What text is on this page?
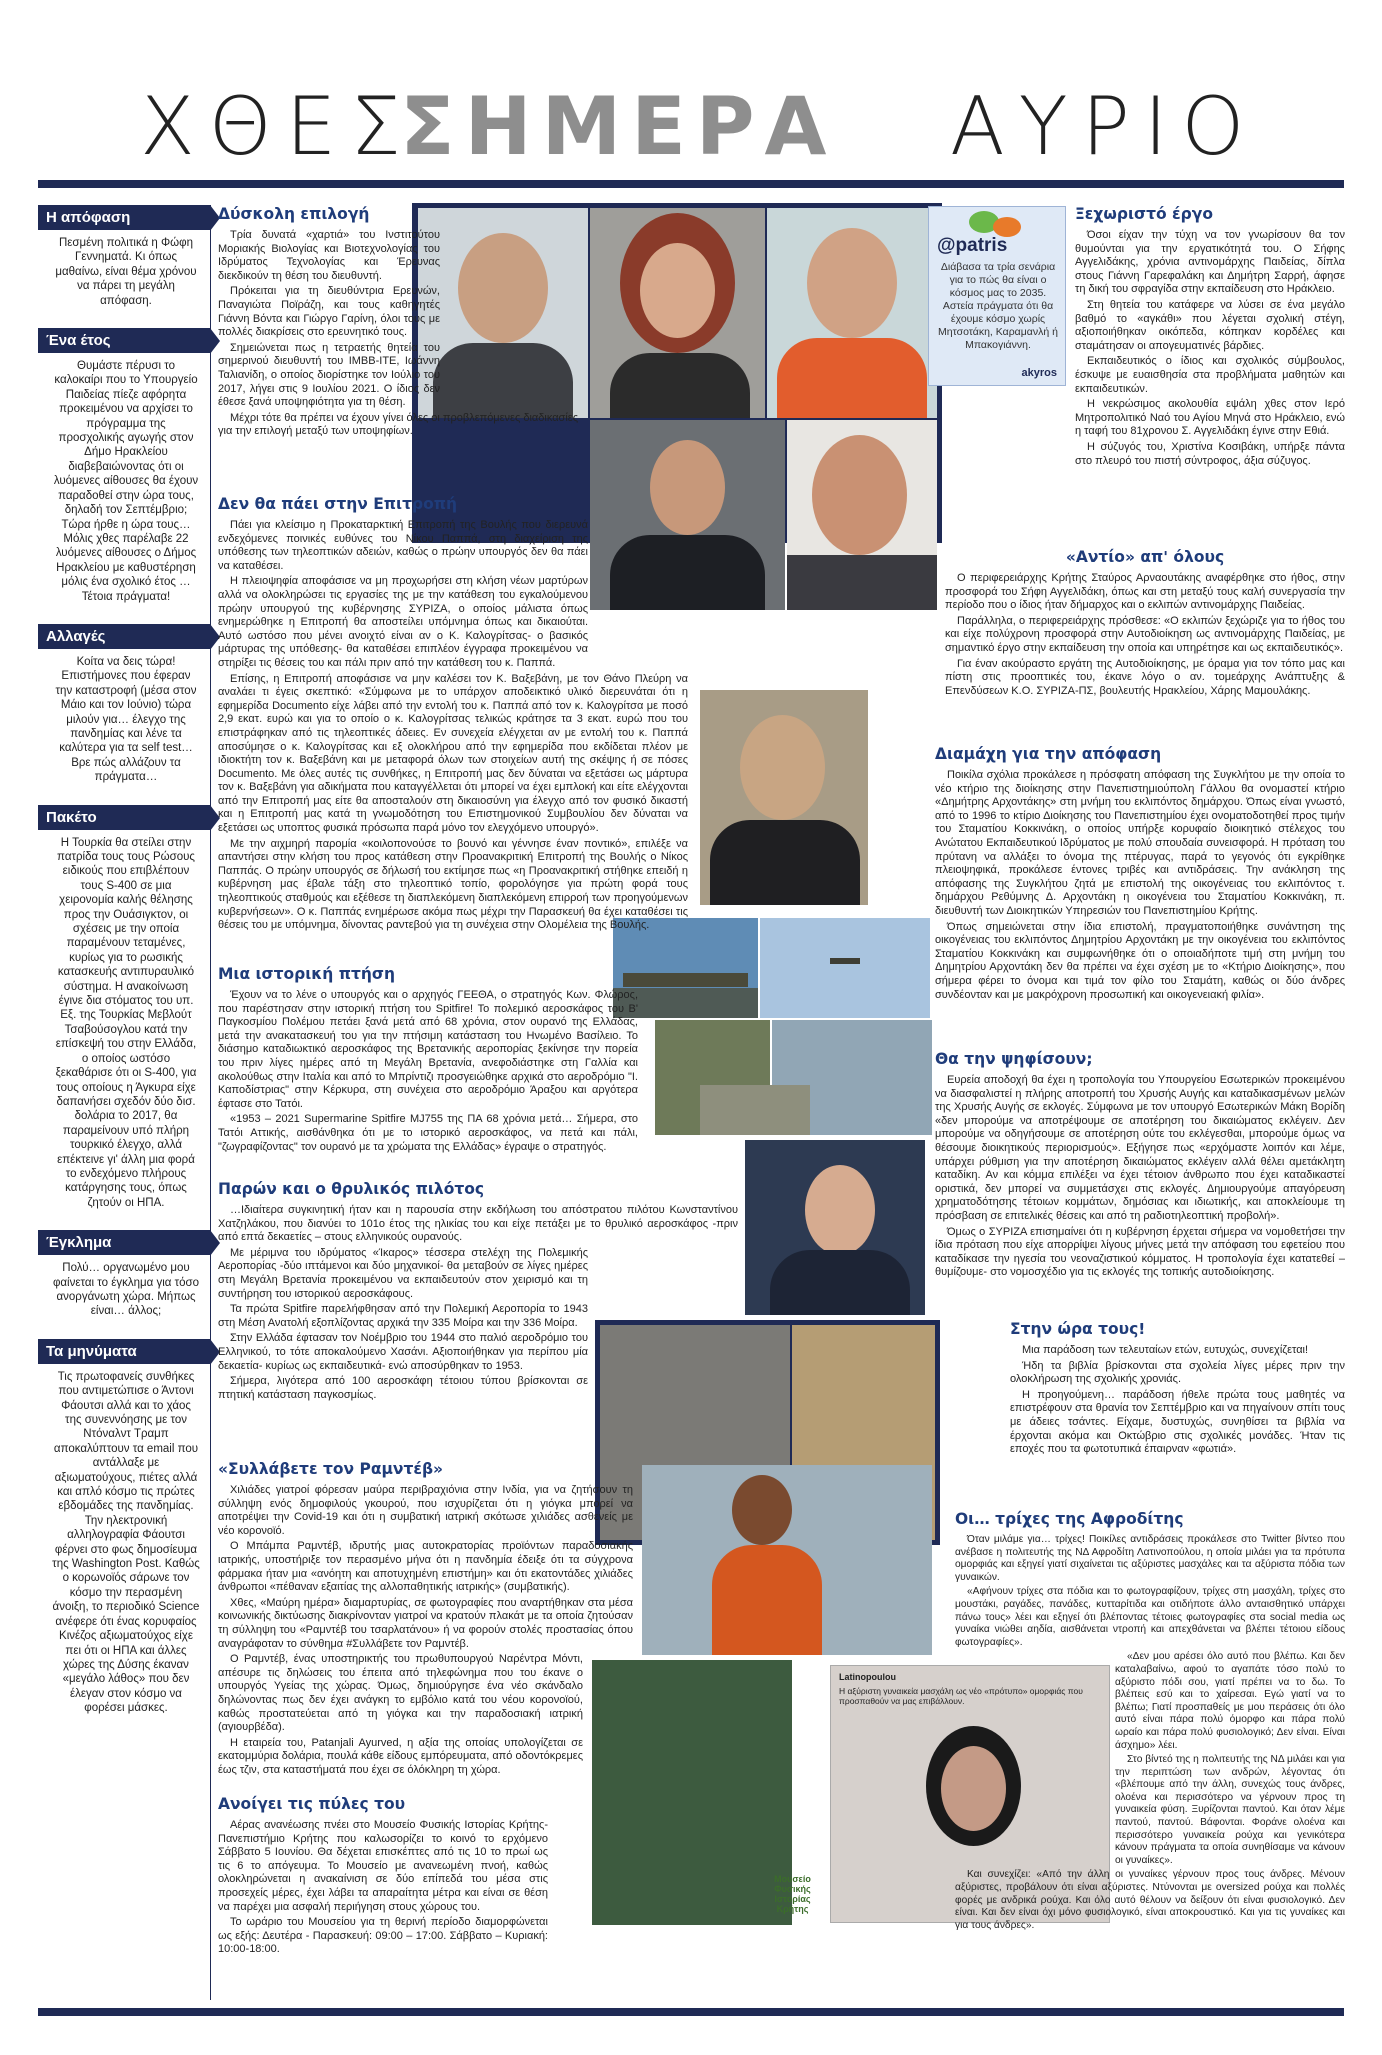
ΧΘΕΣ
ΣΗΜΕΡΑ ΑΥΡΙΟ
Η απόφαση
Πεσμένη πολιτικά η Φώφη Γεννηματά. Κι όπως μαθαίνω, είναι θέμα χρόνου να πάρει τη μεγάλη απόφαση.
Ένα έτος
Θυμάστε πέρυσι το καλοκαίρι που το Υπουργείο Παιδείας πίεζε αφόρητα προκειμένου να αρχίσει το πρόγραμμα της προσχολικής αγωγής στον Δήμο Ηρακλείου διαβεβαιώνοντας ότι οι λυόμενες αίθουσες θα έχουν παραδοθεί στην ώρα τους, δηλαδή τον Σεπτέμβριο; Τώρα ήρθε η ώρα τους… Μόλις χθες παρέλαβε 22 λυόμενες αίθουσες ο Δήμος Ηρακλείου με καθυστέρηση μόλις ένα σχολικό έτος … Τέτοια πράγματα!
Αλλαγές
Κοίτα να δεις τώρα! Επιστήμονες που έφεραν την καταστροφή (μέσα στον Μάιο και τον Ιούνιο) τώρα μιλούν για… έλεγχο της πανδημίας και λένε τα καλύτερα για τα self test…Βρε πώς αλλάζουν τα πράγματα…
Πακέτο
Η Τουρκία θα στείλει στην πατρίδα τους τους Ρώσους ειδικούς που επιβλέπουν τους S-400 σε μια χειρονομία καλής θέλησης προς την Ουάσιγκτον, οι σχέσεις με την οποία παραμένουν τεταμένες, κυρίως για το ρωσικής κατασκευής αντιπυραυλικό σύστημα. Η ανακοίνωση έγινε δια στόματος του υπ. Εξ. της Τουρκίας Μεβλούτ Τσαβούσογλου κατά την επίσκεψή του στην Ελλάδα, ο οποίος ωστόσο ξεκαθάρισε ότι οι S-400, για τους οποίους η Άγκυρα είχε δαπανήσει σχεδόν δύο δισ. δολάρια το 2017, θα παραμείνουν υπό πλήρη τουρκικό έλεγχο, αλλά επέκτεινε γι' άλλη μια φορά το ενδεχόμενο πλήρους κατάργησης τους, όπως ζητούν οι ΗΠΑ.
Έγκλημα
Πολύ… οργανωμένο μου φαίνεται το έγκλημα για τόσο ανοργάνωτη χώρα. Μήπως είναι… άλλος;
Τα μηνύματα
Τις πρωτοφανείς συνθήκες που αντιμετώπισε ο Άντονι Φάουτσι αλλά και το χάος της συνεννόησης με τον Ντόναλντ Τραμπ αποκαλύπτουν τα email που αντάλλαξε με αξιωματούχους, πιέτες αλλά και απλό κόσμο τις πρώτες εβδομάδες της πανδημίας. Την ηλεκτρονική αλληλογραφία Φάουτσι φέρνει στο φως δημοσίευμα της Washington Post. Καθώς ο κορωνοϊός σάρωνε τον κόσμο την περασμένη άνοιξη, το περιοδικό Science ανέφερε ότι ένας κορυφαίος Κινέζος αξιωματούχος είχε πει ότι οι ΗΠΑ και άλλες χώρες της Δύσης έκαναν «μεγάλο λάθος» που δεν έλεγαν στον κόσμο να φορέσει μάσκες.
@patris
Διάβασα τα τρία σενάρια για το πώς θα είναι ο κόσμος μας το 2035. Αστεία πράγματα ότι θα έχουμε κόσμο χωρίς Μητσοτάκη, Καραμανλή ή Μπακογιάννη.
akyros
Μουσείο Φυσικής Ιστορίας Κρήτης
Latinopoulou
Η αξύριστη γυναικεία μασχάλη ως νέο «πρότυπο» ομορφιάς που προσπαθούν να μας επιβάλλουν.
Δύσκολη επιλογή

Τρία δυνατά «χαρτιά» του Ινστιτούτου Μοριακής Βιολογίας και Βιοτεχνολογίας του Ιδρύματος Τεχνολογίας και Έρευνας διεκδικούν τη θέση του διευθυντή.

Πρόκειται για τη διευθύντρια Ερευνών, Παναγιώτα Ποϊράζη, και τους καθηγητές Γιάννη Βόντα και Γιώργο Γαρίνη, όλοι τους με πολλές διακρίσεις στο ερευνητικό τους.

Σημειώνεται πως η τετραετής θητεία του σημερινού διευθυντή του ΙΜΒΒ-ΙΤΕ, Ιωάννη Ταλιανίδη, ο οποίος διορίστηκε τον Ιούλιο του 2017, λήγει στις 9 Ιουλίου 2021. Ο ίδιος δεν έθεσε ξανά υποψηφιότητα για τη θέση.

Μέχρι τότε θα πρέπει να έχουν γίνει όλες οι προβλεπόμενες διαδικασίες για την επιλογή μεταξύ των υποψηφίων.

Δεν θα πάει στην Επιτροπή

Πάει για κλείσιμο η Προκαταρκτική Επιτροπή της Βουλής που διερευνά ενδεχόμενες ποινικές ευθύνες του Νίκου Παππά, στη διαχείριση της υπόθεσης των τηλεοπτικών αδειών, καθώς ο πρώην υπουργός δεν θα πάει να καταθέσει.

Η πλειοψηφία αποφάσισε να μη προχωρήσει στη κλήση νέων μαρτύρων αλλά να ολοκληρώσει τις εργασίες της με την κατάθεση του εγκαλούμενου πρώην υπουργού της κυβέρνησης ΣΥΡΙΖΑ, ο οποίος μάλιστα όπως ενημερώθηκε η Επιτροπή θα αποστείλει υπόμνημα όπως και δικαιούται. Αυτό ωστόσο που μένει ανοιχτό είναι αν ο Κ. Καλογρίτσας- ο βασικός μάρτυρας της υπόθεσης- θα καταθέσει επιπλέον έγγραφα προκειμένου να στηρίξει τις θέσεις του και πάλι πριν από την κατάθεση του κ. Παππά.

Επίσης, η Επιτροπή αποφάσισε να μην καλέσει τον Κ. Βαξεβάνη, με τον Θάνο Πλεύρη να αναλάει τι έγεις σκεπτικό: «Σύμφωνα με το υπάρχον αποδεικτικό υλικό διερευνάται ότι η εφημερίδα Documento είχε λάβει από την εντολή του κ. Παππά από τον κ. Καλογρίτσα με ποσό 2,9 εκατ. ευρώ και για το οποίο ο κ. Καλογρίτσας τελικώς κράτησε τα 3 εκατ. ευρώ που του επιστράφηκαν από τις τηλεοπτικές άδειες. Εν συνεχεία ελέγχεται αν με εντολή του κ. Παππά αποσύμησε ο κ. Καλογρίτσας και εξ ολοκλήρου από την εφημερίδα που εκδίδεται πλέον με ιδιοκτήτη τον κ. Βαξεβάνη και με μεταφορά όλων των στοιχείων αυτή της σκέψης ή σε πόσες Documento. Με όλες αυτές τις συνθήκες, η Επιτροπή μας δεν δύναται να εξετάσει ως μάρτυρα τον κ. Βαξεβάνη για αδικήματα που καταγγέλλεται ότι μπορεί να έχει εμπλοκή και είτε ελέγχονται από την Επιτροπή μας είτε θα αποσταλούν στη δικαιοσύνη για έλεγχο από τον φυσικό δικαστή και η Επιτροπή μας κατά τη γνωμοδότηση του Επιστημονικού Συμβουλίου δεν δύναται να εξετάσει ως υποπτος φυσικά πρόσωπα παρά μόνο τον ελεγχόμενο υπουργό».

Με την αιχμηρή παρομία «κοιλοπονούσε το βουνό και γέννησε έναν ποντικό», επιλέξε να απαντήσει στην κλήση του προς κατάθεση στην Προανακριτική Επιτροπή της Βουλής ο Νίκος Παππάς. Ο πρώην υπουργός σε δήλωσή του εκτίμησε πως «η Προανακριτική στήθηκε επειδή η κυβέρνηση μας έβαλε τάξη στο τηλεοπτικό τοπίο, φορολόγησε για πρώτη φορά τους τηλεοπτικούς σταθμούς και εξέθεσε τη διαπλεκόμενη διαπλεκόμενη επιρροή των προηγούμενων κυβερνήσεων». Ο κ. Παππάς ενημέρωσε ακόμα πως μέχρι την Παρασκευή θα έχει καταθέσει τις θέσεις του με υπόμνημα, δίνοντας ραντεβού για τη συνέχεια στην Ολομέλεια της Βουλής.

Μια ιστορική πτήση

Έχουν να το λένε ο υπουργός και ο αρχηγός ΓΕΕΘΑ, ο στρατηγός Κων. Φλώρος, που παρέστησαν στην ιστορική πτήση του Spitfire! Το πολεμικό αεροσκάφος του Β' Παγκοσμίου Πολέμου πετάει ξανά μετά από 68 χρόνια, στον ουρανό της Ελλάδας, μετά την ανακατασκευή του για την πτήσιμη κατάσταση του Ηνωμένο Βασίλειο. Το διάσημο καταδιωκτικό αεροσκάφος της Βρετανικής αεροπορίας ξεκίνησε την πορεία του πριν λίγες ημέρες από τη Μεγάλη Βρετανία, ανεφοδιάστηκε στη Γαλλία και ακολούθως στην Ιταλία και από το Μπρίντιζι προσγειώθηκε αρχικά στο αεροδρόμιο "Ι. Καποδίστριας" στην Κέρκυρα, στη συνέχεια στο αεροδρόμιο Άραξου και αργότερα έφτασε στο Τατόι.

«1953 – 2021 Supermarine Spitfire MJ755 της ΠΑ 68 χρόνια μετά… Σήμερα, στο Τατόι Αττικής, αισθάνθηκα ότι με το ιστορικό αεροσκάφος, να πετά και πάλι, "ζωγραφίζοντας" τον ουρανό με τα χρώματα της Ελλάδας» έγραψε ο στρατηγός.

Παρών και ο θρυλικός πιλότος

…Ιδιαίτερα συγκινητική ήταν και η παρουσία στην εκδήλωση του απόστρατου πιλότου Κωνσταντίνου Χατζηλάκου, που διανύει το 101ο έτος της ηλικίας του και είχε πετάξει με το θρυλικό αεροσκάφος -πριν από επτά δεκαετίες – στους ελληνικούς ουρανούς.

Με μέριμνα του ιδρύματος «Ίκαρος» τέσσερα στελέχη της Πολεμικής Αεροπορίας -δύο ιπτάμενοι και δύο μηχανικοί- θα μεταβούν σε λίγες ημέρες στη Μεγάλη Βρετανία προκειμένου να εκπαιδευτούν στον χειρισμό και τη συντήρηση του ιστορικού αεροσκάφους.

Τα πρώτα Spitfire παρελήφθησαν από την Πολεμική Αεροπορία το 1943 στη Μέση Ανατολή εξοπλίζοντας αρχικά την 335 Μοίρα και την 336 Μοίρα.

Στην Ελλάδα έφτασαν τον Νοέμβριο του 1944 στο παλιό αεροδρόμιο του Ελληνικού, το τότε αποκαλούμενο Χασάνι. Αξιοποιήθηκαν για περίπου μία δεκαετία- κυρίως ως εκπαιδευτικά- ενώ αποσύρθηκαν το 1953.

Σήμερα, λιγότερα από 100 αεροσκάφη τέτοιου τύπου βρίσκονται σε πτητική κατάσταση παγκοσμίως.

«Συλλάβετε τον Ραμντέβ»

Χιλιάδες γιατροί φόρεσαν μαύρα περιβραχιόνια στην Ινδία, για να ζητήσουν τη σύλληψη ενός δημοφιλούς γκουρού, που ισχυρίζεται ότι η γιόγκα μπορεί να αποτρέψει την Covid-19 και ότι η συμβατική ιατρική σκότωσε χιλιάδες ασθενείς με νέο κορονοϊό.

Ο Μπάμπα Ραμντέβ, ιδρυτής μιας αυτοκρατορίας προϊόντων παραδοσιακής ιατρικής, υποστήριξε τον περασμένο μήνα ότι η πανδημία έδειξε ότι τα σύγχρονα φάρμακα ήταν μια «ανόητη και αποτυχημένη επιστήμη» και ότι εκατοντάδες χιλιάδες άνθρωποι «πέθαναν εξαιτίας της αλλοπαθητικής ιατρικής» (συμβατικής).

Χθες, «Μαύρη ημέρα» διαμαρτυρίας, σε φωτογραφίες που αναρτήθηκαν στα μέσα κοινωνικής δικτύωσης διακρίνονταν γιατροί να κρατούν πλακάτ με τα οποία ζητούσαν τη σύλληψη του «Ραμντέβ του τσαρλατάνου» ή να φορούν στολές προστασίας όπου αναγράφοταν το σύνθημα #Συλλάβετε τον Ραμντέβ.

Ο Ραμντέβ, ένας υποστηρικτής του πρωθυπουργού Ναρέντρα Μόντι, απέσυρε τις δηλώσεις του έπειτα από τηλεφώνημα που του έκανε ο υπουργός Υγείας της χώρας. Όμως, δημιούργησε ένα νέο σκάνδαλο δηλώνοντας πως δεν έχει ανάγκη το εμβόλιο κατά του νέου κορονοϊού, καθώς προστατεύεται από τη γιόγκα και την παραδοσιακή ιατρική (αγιουρβέδα).

Η εταιρεία του, Patanjali Ayurved, η αξία της οποίας υπολογίζεται σε εκατομμύρια δολάρια, πουλά κάθε είδους εμπόρευματα, από οδοντόκρεμες έως τζιν, στα καταστήματά που έχει σε όλόκληρη τη χώρα.

Ανοίγει τις πύλες του

Αέρας ανανέωσης πνέει στο Μουσείο Φυσικής Ιστορίας Κρήτης-Πανεπιστήμιο Κρήτης που καλωσορίζει το κοινό το ερχόμενο Σάββατο 5 Ιουνίου. Θα δέχεται επισκέπτες από τις 10 το πρωί ως τις 6 το απόγευμα. Το Μουσείο με ανανεωμένη πνοή, καθώς ολοκληρώνεται η ανακαίνιση σε δύο επίπεδά του μέσα στις προσεχείς μέρες, έχει λάβει τα απαραίτητα μέτρα και είναι σε θέση να παρέχει μια ασφαλή περιήγηση στους χώρους του.

Το ωράριο του Μουσείου για τη θερινή περίοδο διαμορφώνεται ως εξής: Δευτέρα - Παρασκευή: 09:00 – 17:00. Σάββατο – Κυριακή: 10:00-18:00.

Ξεχωριστό έργο

Όσοι είχαν την τύχη να τον γνωρίσουν θα τον θυμούνται για την εργατικότητά του. Ο Σήφης Αγγελιδάκης, χρόνια αντινομάρχης Παιδείας, δίπλα στους Γιάννη Γαρεφαλάκη και Δημήτρη Σαρρή, άφησε τη δική του σφραγίδα στην εκπαίδευση στο Ηράκλειο.

Στη θητεία του κατάφερε να λύσει σε ένα μεγάλο βαθμό το «αγκάθι» που λέγεται σχολική στέγη, αξιοποιήθηκαν οικόπεδα, κόπηκαν κορδέλες και σταμάτησαν οι απογευματινές βάρδιες.

Εκπαιδευτικός ο ίδιος και σχολικός σύμβουλος, έσκυψε με ευαισθησία στα προβλήματα μαθητών και εκπαιδευτικών.

Η νεκρώσιμος ακολουθία εψάλη χθες στον Ιερό Μητροπολιτικό Ναό του Αγίου Μηνά στο Ηράκλειο, ενώ η ταφή του 81χρονου Σ. Αγγελιδάκη έγινε στην Εθιά.

Η σύζυγός του, Χριστίνα Κοσιβάκη, υπήρξε πάντα στο πλευρό του πιστή σύντροφος, άξια σύζυγος.

«Αντίο» απ' όλους

Ο περιφερειάρχης Κρήτης Σταύρος Αρναουτάκης αναφέρθηκε στο ήθος, στην προσφορά του Σήφη Αγγελιδάκη, όπως και στη μεταξύ τους καλή συνεργασία την περίοδο που ο ίδιος ήταν δήμαρχος και ο εκλιπών αντινομάρχης Παιδείας.

Παράλληλα, ο περιφερειάρχης πρόσθεσε: «Ο εκλιπών ξεχώριζε για το ήθος του και είχε πολύχρονη προσφορά στην Αυτοδιοίκηση ως αντινομάρχης Παιδείας, με σημαντικό έργο στην εκπαίδευση την οποία και υπηρέτησε και ως εκπαιδευτικός».

Για έναν ακούραστο εργάτη της Αυτοδιοίκησης, με όραμα για τον τόπο μας και πίστη στις προοπτικές του, έκανε λόγο ο αν. τομεάρχης Ανάπτυξης & Επενδύσεων Κ.Ο. ΣΥΡΙΖΑ-ΠΣ, βουλευτής Ηρακλείου, Χάρης Μαμουλάκης.

Διαμάχη για την απόφαση

Ποικίλα σχόλια προκάλεσε η πρόσφατη απόφαση της Συγκλήτου με την οποία το νέο κτήριο της διοίκησης στην Πανεπιστημιούπολη Γάλλου θα ονομαστεί κτήριο «Δημήτρης Αρχοντάκης» στη μνήμη του εκλιπόντος δημάρχου. Όπως είναι γνωστό, από το 1996 το κτίριο Διοίκησης του Πανεπιστημίου έχει ονοματοδοτηθεί προς τιμήν του Σταματίου Κοκκινάκη, ο οποίος υπήρξε κορυφαίο διοικητικό στέλεχος του Ανώτατου Εκπαιδευτικού Ιδρύματος με πολύ σπουδαία συνεισφορά. Η πρόταση του πρύτανη να αλλάξει το όνομα της πτέρυγας, παρά το γεγονός ότι εγκρίθηκε πλειοψηφικά, προκάλεσε έντονες τριβές και αντιδράσεις. Την ανάκληση της απόφασης της Συγκλήτου ζητά με επιστολή της οικογένειας του εκλιπόντος τ. δημάρχου Ρεθύμνης Δ. Αρχοντάκη η οικογένεια του Σταματίου Κοκκινάκη, π. διευθυντή των Διοικητικών Υπηρεσιών του Πανεπιστημίου Κρήτης.

Όπως σημειώνεται στην ίδια επιστολή, πραγματοποιήθηκε συνάντηση της οικογένειας του εκλιπόντος Δημητρίου Αρχοντάκη με την οικογένεια του εκλιπόντος Σταματίου Κοκκινάκη και συμφωνήθηκε ότι ο οποιαδήποτε τιμή στη μνήμη του Δημητρίου Αρχοντάκη δεν θα πρέπει να έχει σχέση με το «Κτήριο Διοίκησης», που σήμερα φέρει το όνομα και τιμά τον φίλο του Σταμάτη, καθώς οι δύο άνδρες συνδέονταν και με μακρόχρονη προσωπική και οικογενειακή φιλία».

Θα την ψηφίσουν;

Ευρεία αποδοχή θα έχει η τροπολογία του Υπουργείου Εσωτερικών προκειμένου να διασφαλιστεί η πλήρης αποτροπή του Χρυσής Αυγής και καταδικασμένων μελών της Χρυσής Αυγής σε εκλογές. Σύμφωνα με τον υπουργό Εσωτερικών Μάκη Βορίδη «δεν μπορούμε να αποτρέψουμε σε αποτέρηση του δικαιώματος εκλέγειν. Δεν μπορούμε να οδηγήσουμε σε αποτέρηση ούτε του εκλέγεσθαι, μπορούμε όμως να θέσουμε διοικητικούς περιορισμούς». Εξήγησε πως «ερχόμαστε λοιπόν και λέμε, υπάρχει ρύθμιση για την αποτέρηση δικαιώματος εκλέγειν αλλά θέλει αμετάκλητη καταδίκη. Αν και κόμμα επιλέξει να έχει τέτοιον άνθρωπο που έχει καταδικαστεί οριστικά, δεν μπορεί να συμμετάσχει στις εκλογές. Δημιουργούμε απαγόρευση χρηματοδότησης τέτοιων κομμάτων, δημόσιας και ιδιωτικής, και αποκλείουμε τη πρόσβαση σε επιτελικές θέσεις και από τη ραδιοτηλεοπτική προβολή».

Όμως ο ΣΥΡΙΖΑ επισημαίνει ότι η κυβέρνηση έρχεται σήμερα να νομοθετήσει την ίδια πρόταση που είχε απορρίψει λίγους μήνες μετά την απόφαση του εφετείου που καταδίκασε την ηγεσία του νεοναζιστικού κόμματος. Η τροπολογία έχει κατατεθεί – θυμίζουμε- στο νομοσχέδιο για τις εκλογές της τοπικής αυτοδιοίκησης.

Στην ώρα τους!

Μια παράδοση των τελευταίων ετών, ευτυχώς, συνεχίζεται!

Ήδη τα βιβλία βρίσκονται στα σχολεία λίγες μέρες πριν την ολοκλήρωση της σχολικής χρονιάς.

Η προηγούμενη… παράδοση ήθελε πρώτα τους μαθητές να επιστρέφουν στα θρανία τον Σεπτέμβριο και να πηγαίνουν σπίτι τους με άδειες τσάντες. Είχαμε, δυστυχώς, συνηθίσει τα βιβλία να έρχονται ακόμα και Οκτώβριο στις σχολικές μονάδες. Ήταν τις εποχές που τα φωτοτυπικά έπαιρναν «φωτιά».

Οι… τρίχες της Αφροδίτης

Όταν μιλάμε για… τρίχες! Ποικίλες αντιδράσεις προκάλεσε στο Twitter βίντεο που ανέβασε η πολιτευτής της ΝΔ Αφροδίτη Λατινοπούλου, η οποία μιλάει για τα πρότυπα ομορφιάς και εξηγεί γιατί σιχαίνεται τις αξύριστες μασχάλες και τα αξύριστα πόδια των γυναικών.

«Αφήνουν τρίχες στα πόδια και το φωτογραφίζουν, τρίχες στη μασχάλη, τρίχες στο μουστάκι, ραγάδες, πανάδες, κυτταρίτιδα και οτιδήποτε άλλο ανταισθητικό υπάρχει πάνω τους» λέει και εξηγεί ότι βλέποντας τέτοιες φωτογραφίες στα social media ως γυναίκα νιώθει αηδία, αισθάνεται ντροπή και απεχθάνεται να βλέπει τέτοιου είδους φωτογραφίες».

«Δεν μου αρέσει όλο αυτό που βλέπω. Και δεν καταλαβαίνω, αφού το αγαπάτε τόσο πολύ το αξύριστο πόδι σου, γιατί πρέπει να το δω. Το βλέπεις εσύ και το χαίρεσαι. Εγώ γιατί να το βλέπω; Γιατί προσπαθείς με μου περάσεις ότι όλο αυτό είναι πάρα πολύ όμορφο και πάρα πολύ ωραίο και πάρα πολύ φυσιολογικό; Δεν είναι. Είναι άσχημο» λέει.

Στο βίντεό της η πολιτευτής της ΝΔ μιλάει και για την περιπτώση των ανδρών, λέγοντας ότι «βλέπουμε από την άλλη, συνεχώς τους άνδρες, ολοένα και περισσότερο να γέρνουν προς τη γυναικεία φύση. Ξυρίζονται παντού. Και όταν λέμε παντού, παντού. Βάφονται. Φοράνε ολοένα και περισσότερο γυναικεία ρούχα και γενικότερα κάνουν πράγματα τα οποία συνηθίσαμε να κάνουν οι γυναίκες».

Και συνεχίζει: «Από την άλλη οι γυναίκες γέρνουν προς τους άνδρες. Μένουν αξύριστες, προβάλουν ότι είναι αξύριστες. Ντύνονται με oversized ρούχα και πολλές φορές με ανδρικά ρούχα. Και όλο αυτό θέλουν να δείξουν ότι είναι φυσιολογικό. Δεν είναι. Και δεν είναι όχι μόνο φυσιολογικό, είναι αποκρουστικό. Και για τις γυναίκες και για τους άνδρες».
